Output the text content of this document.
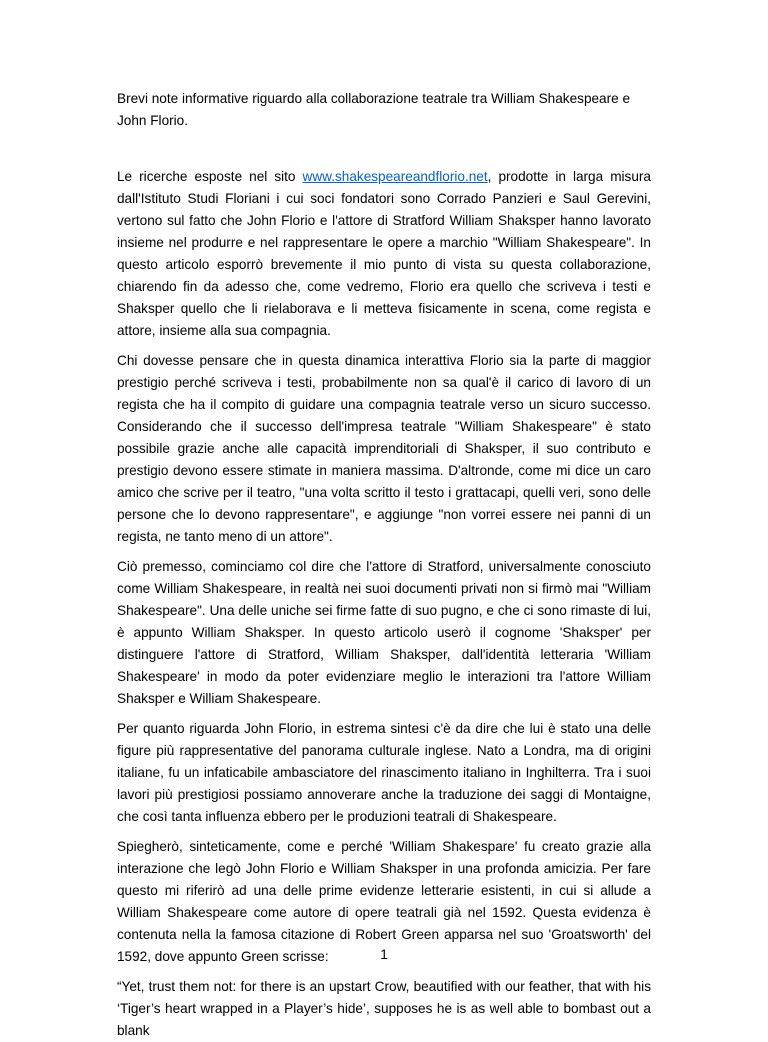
Brevi note informative riguardo alla collaborazione teatrale tra William Shakespeare e John Florio.

Le ricerche esposte nel sito www.shakespeareandflorio.net, prodotte in larga misura dall'Istituto Studi Floriani i cui soci fondatori sono Corrado Panzieri e Saul Gerevini, vertono sul fatto che John Florio e l'attore di Stratford William Shaksper hanno lavorato insieme nel produrre e nel rappresentare le opere a marchio "William Shakespeare". In questo articolo esporrò brevemente il mio punto di vista su questa collaborazione, chiarendo fin da adesso che, come vedremo, Florio era quello che scriveva i testi e Shaksper quello che li rielaborava e li metteva fisicamente in scena, come regista e attore, insieme alla sua compagnia.

Chi dovesse pensare che in questa dinamica interattiva Florio sia la parte di maggior prestigio perché scriveva i testi, probabilmente non sa qual'è il carico di lavoro di un regista che ha il compito di guidare una compagnia teatrale verso un sicuro successo. Considerando che il successo dell'impresa teatrale "William Shakespeare" è stato possibile grazie anche alle capacità imprenditoriali di Shaksper, il suo contributo e prestigio devono essere stimate in maniera massima. D'altronde, come mi dice un caro amico che scrive per il teatro, "una volta scritto il testo i grattacapi, quelli veri, sono delle persone che lo devono rappresentare", e aggiunge "non vorrei essere nei panni di un regista, ne tanto meno di un attore".

Ciò premesso, cominciamo col dire che l'attore di Stratford, universalmente conosciuto come William Shakespeare, in realtà nei suoi documenti privati non si firmò mai "William Shakespeare". Una delle uniche sei firme fatte di suo pugno, e che ci sono rimaste di lui, è appunto William Shaksper. In questo articolo userò il cognome 'Shaksper' per distinguere l'attore di Stratford, William Shaksper, dall'identità letteraria 'William Shakespeare' in modo da poter evidenziare meglio le interazioni tra l'attore William Shaksper e William Shakespeare.

Per quanto riguarda John Florio, in estrema sintesi c'è da dire che lui è stato una delle figure più rappresentative del panorama culturale inglese. Nato a Londra, ma di origini italiane, fu un infaticabile ambasciatore del rinascimento italiano in Inghilterra. Tra i suoi lavori più prestigiosi possiamo annoverare anche la traduzione dei saggi di Montaigne, che così tanta influenza ebbero per le produzioni teatrali di Shakespeare.

Spiegherò, sinteticamente, come e perché 'William Shakespare' fu creato grazie alla interazione che legò John Florio e William Shaksper in una profonda amicizia. Per fare questo mi riferirò ad una delle prime evidenze letterarie esistenti, in cui si allude a William Shakespeare come autore di opere teatrali già nel 1592. Questa evidenza è contenuta nella la famosa citazione di Robert Green apparsa nel suo 'Groatsworth' del 1592, dove appunto Green scrisse:

“Yet, trust them not: for there is an upstart Crow, beautified with our feather, that with his ‘Tiger’s heart wrapped in a Player’s hide’, supposes he is as well able to bombast out a blank

1
